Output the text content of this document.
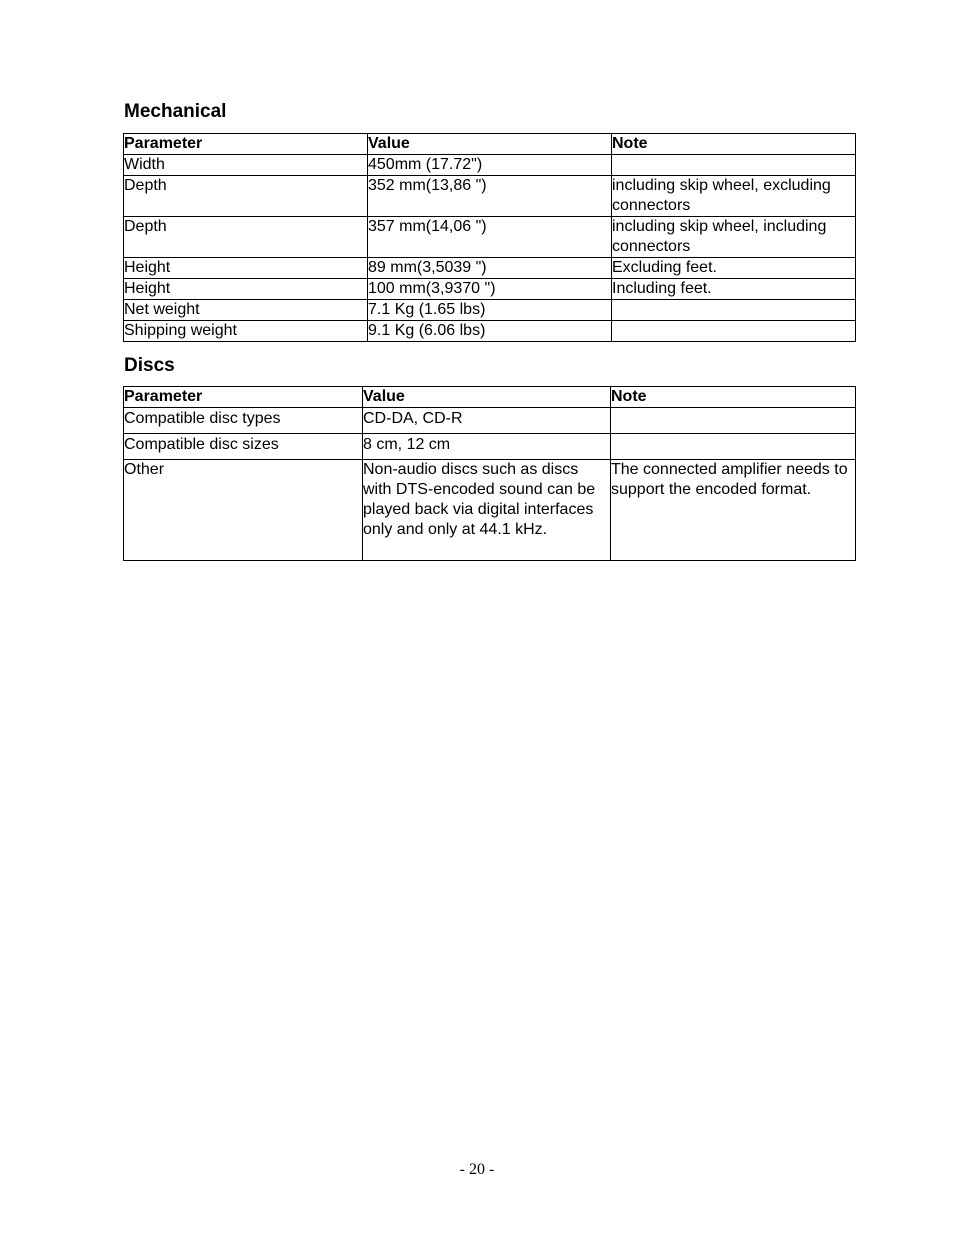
Mechanical
Parameter	Value	Note
Width	450mm (17.72")	
Depth	352 mm(13,86 ")	including skip wheel, excluding connectors
Depth	357 mm(14,06 ")	including skip wheel, including connectors
Height	89 mm(3,5039 ")	Excluding feet.
Height	100 mm(3,9370 ")	Including feet.
Net weight	7.1 Kg (1.65 lbs)	
Shipping weight	9.1 Kg (6.06 lbs)	
Discs
Parameter	Value	Note
Compatible disc types	CD-DA, CD-R	
Compatible disc sizes	8 cm, 12 cm	
Other	Non-audio discs such as discs with DTS-encoded sound can be played back via digital interfaces only and only at 44.1 kHz.	The connected amplifier needs to support the encoded format.
- 20 -
